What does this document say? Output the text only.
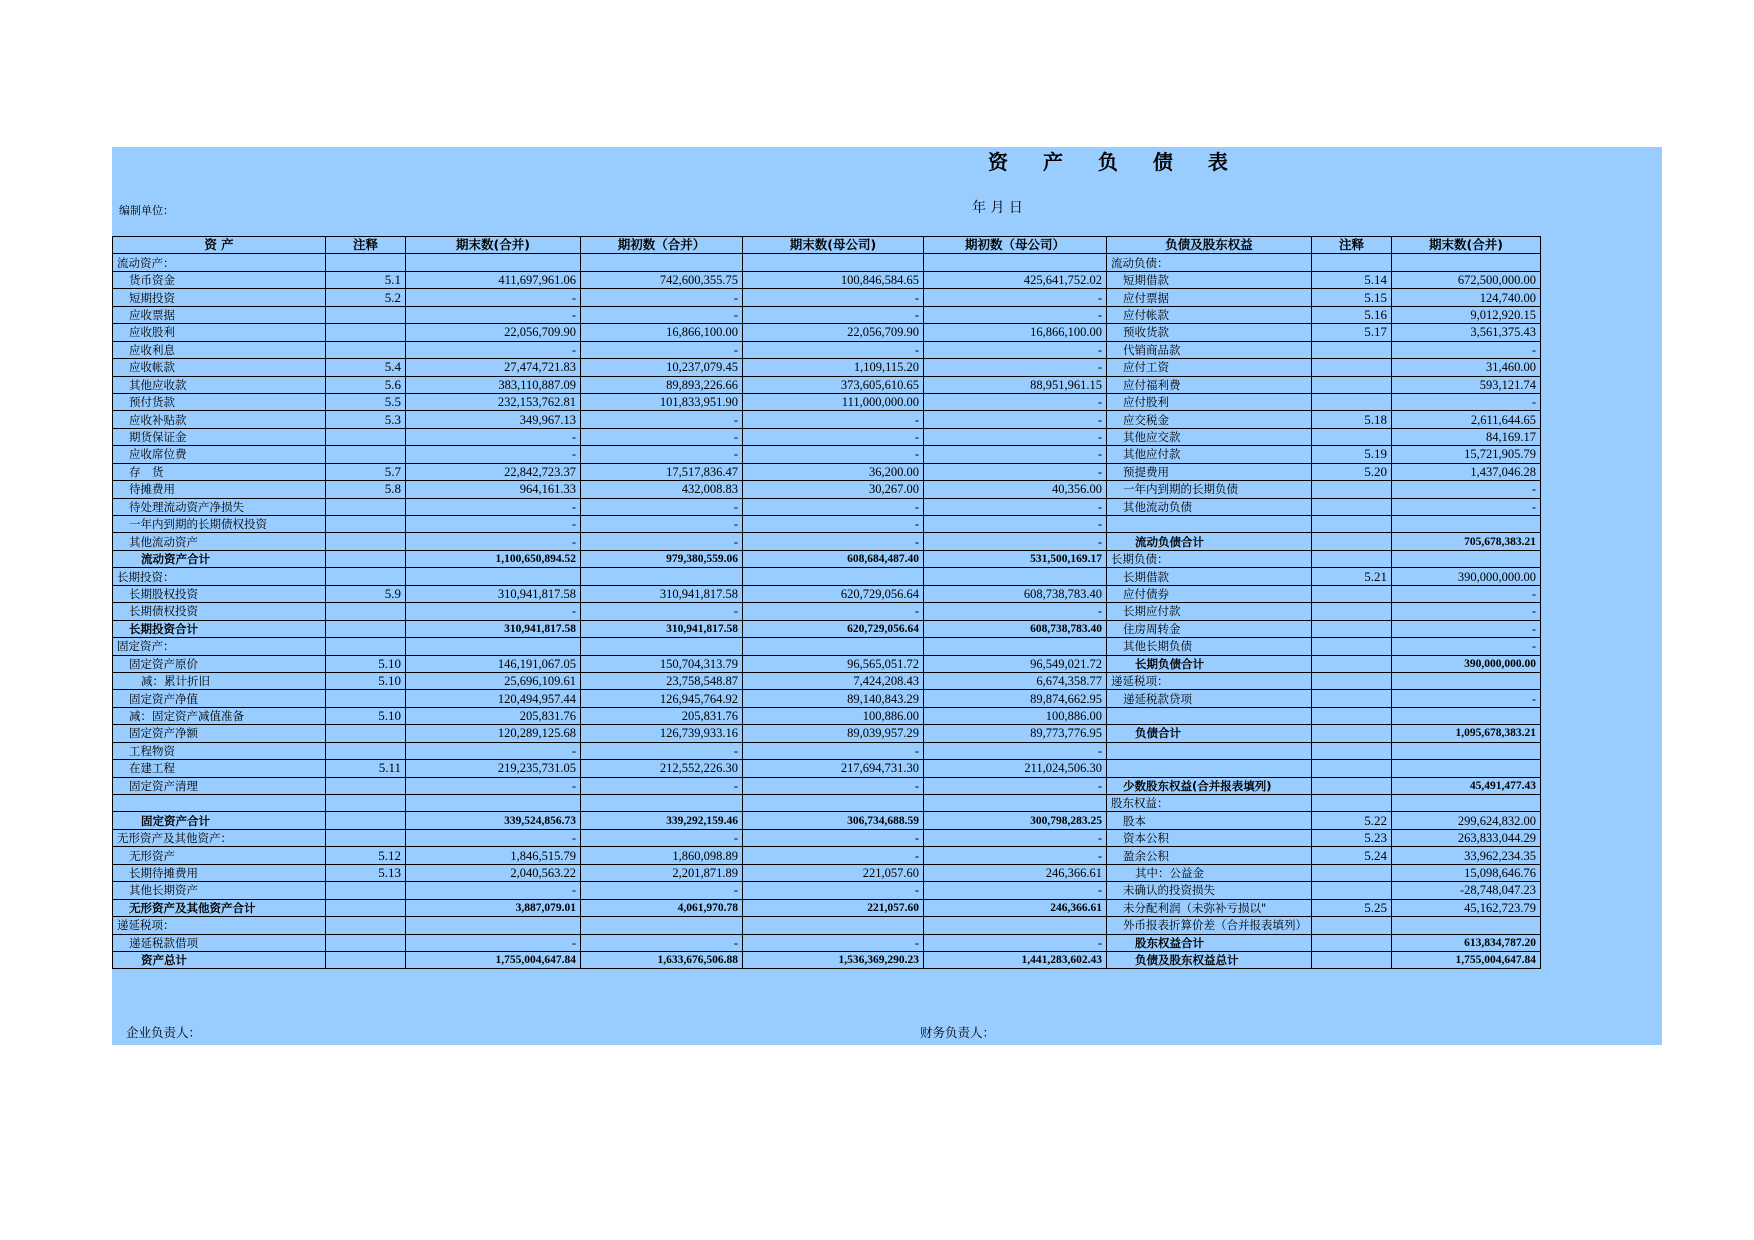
资 产 负 债 表
编制单位：	年 月 日
资 产	注释	期末数(合并)	期初数（合并）	期末数(母公司)	期初数（母公司）	负债及股东权益	注释	期末数(合并)
流动资产：						流动负债：		
货币资金	5.1	411,697,961.06	742,600,355.75	100,846,584.65	425,641,752.02	短期借款	5.14	672,500,000.00
短期投资	5.2	-	-	-	-	应付票据	5.15	124,740.00
应收票据		-	-	-	-	应付帐款	5.16	9,012,920.15
应收股利		22,056,709.90	16,866,100.00	22,056,709.90	16,866,100.00	预收货款	5.17	3,561,375.43
应收利息		-	-	-	-	代销商品款		-
应收帐款	5.4	27,474,721.83	10,237,079.45	1,109,115.20	-	应付工资		31,460.00
其他应收款	5.6	383,110,887.09	89,893,226.66	373,605,610.65	88,951,961.15	应付福利费		593,121.74
预付货款	5.5	232,153,762.81	101,833,951.90	111,000,000.00	-	应付股利		-
应收补贴款	5.3	349,967.13	-	-	-	应交税金	5.18	2,611,644.65
期货保证金		-	-	-	-	其他应交款		84,169.17
应收席位费		-	-	-	-	其他应付款	5.19	15,721,905.79
存　货	5.7	22,842,723.37	17,517,836.47	36,200.00	-	预提费用	5.20	1,437,046.28
待摊费用	5.8	964,161.33	432,008.83	30,267.00	40,356.00	一年内到期的长期负债		-
待处理流动资产净损失		-	-	-	-	其他流动负债		-
一年内到期的长期债权投资		-	-	-	-			
其他流动资产		-	-	-	-	流动负债合计		705,678,383.21
流动资产合计		1,100,650,894.52	979,380,559.06	608,684,487.40	531,500,169.17	长期负债：		
长期投资：						长期借款	5.21	390,000,000.00
长期股权投资	5.9	310,941,817.58	310,941,817.58	620,729,056.64	608,738,783.40	应付债券		-
长期债权投资		-	-	-	-	长期应付款		-
长期投资合计		310,941,817.58	310,941,817.58	620,729,056.64	608,738,783.40	住房周转金		-
固定资产：						其他长期负债		-
固定资产原价	5.10	146,191,067.05	150,704,313.79	96,565,051.72	96,549,021.72	长期负债合计		390,000,000.00
减：累计折旧	5.10	25,696,109.61	23,758,548.87	7,424,208.43	6,674,358.77	递延税项：		
固定资产净值		120,494,957.44	126,945,764.92	89,140,843.29	89,874,662.95	递延税款贷项		-
减：固定资产减值准备	5.10	205,831.76	205,831.76	100,886.00	100,886.00			
固定资产净额		120,289,125.68	126,739,933.16	89,039,957.29	89,773,776.95	负债合计		1,095,678,383.21
工程物资		-	-	-	-			
在建工程	5.11	219,235,731.05	212,552,226.30	217,694,731.30	211,024,506.30			
固定资产清理		-	-	-	-	少数股东权益(合并报表填列)		45,491,477.43
						股东权益：		
固定资产合计		339,524,856.73	339,292,159.46	306,734,688.59	300,798,283.25	股本	5.22	299,624,832.00
无形资产及其他资产：		-	-	-	-	资本公积	5.23	263,833,044.29
无形资产	5.12	1,846,515.79	1,860,098.89	-	-	盈余公积	5.24	33,962,234.35
长期待摊费用	5.13	2,040,563.22	2,201,871.89	221,057.60	246,366.61	其中：公益金		15,098,646.76
其他长期资产		-	-	-	-	未确认的投资损失		-28,748,047.23
无形资产及其他资产合计		3,887,079.01	4,061,970.78	221,057.60	246,366.61	未分配利润（未弥补亏损以"	5.25	45,162,723.79
递延税项：						外币报表折算价差（合并报表填列）		
递延税款借项		-	-	-	-	股东权益合计		613,834,787.20
资产总计		1,755,004,647.84	1,633,676,506.88	1,536,369,290.23	1,441,283,602.43	负债及股东权益总计		1,755,004,647.84
企业负责人：	财务负责人：
